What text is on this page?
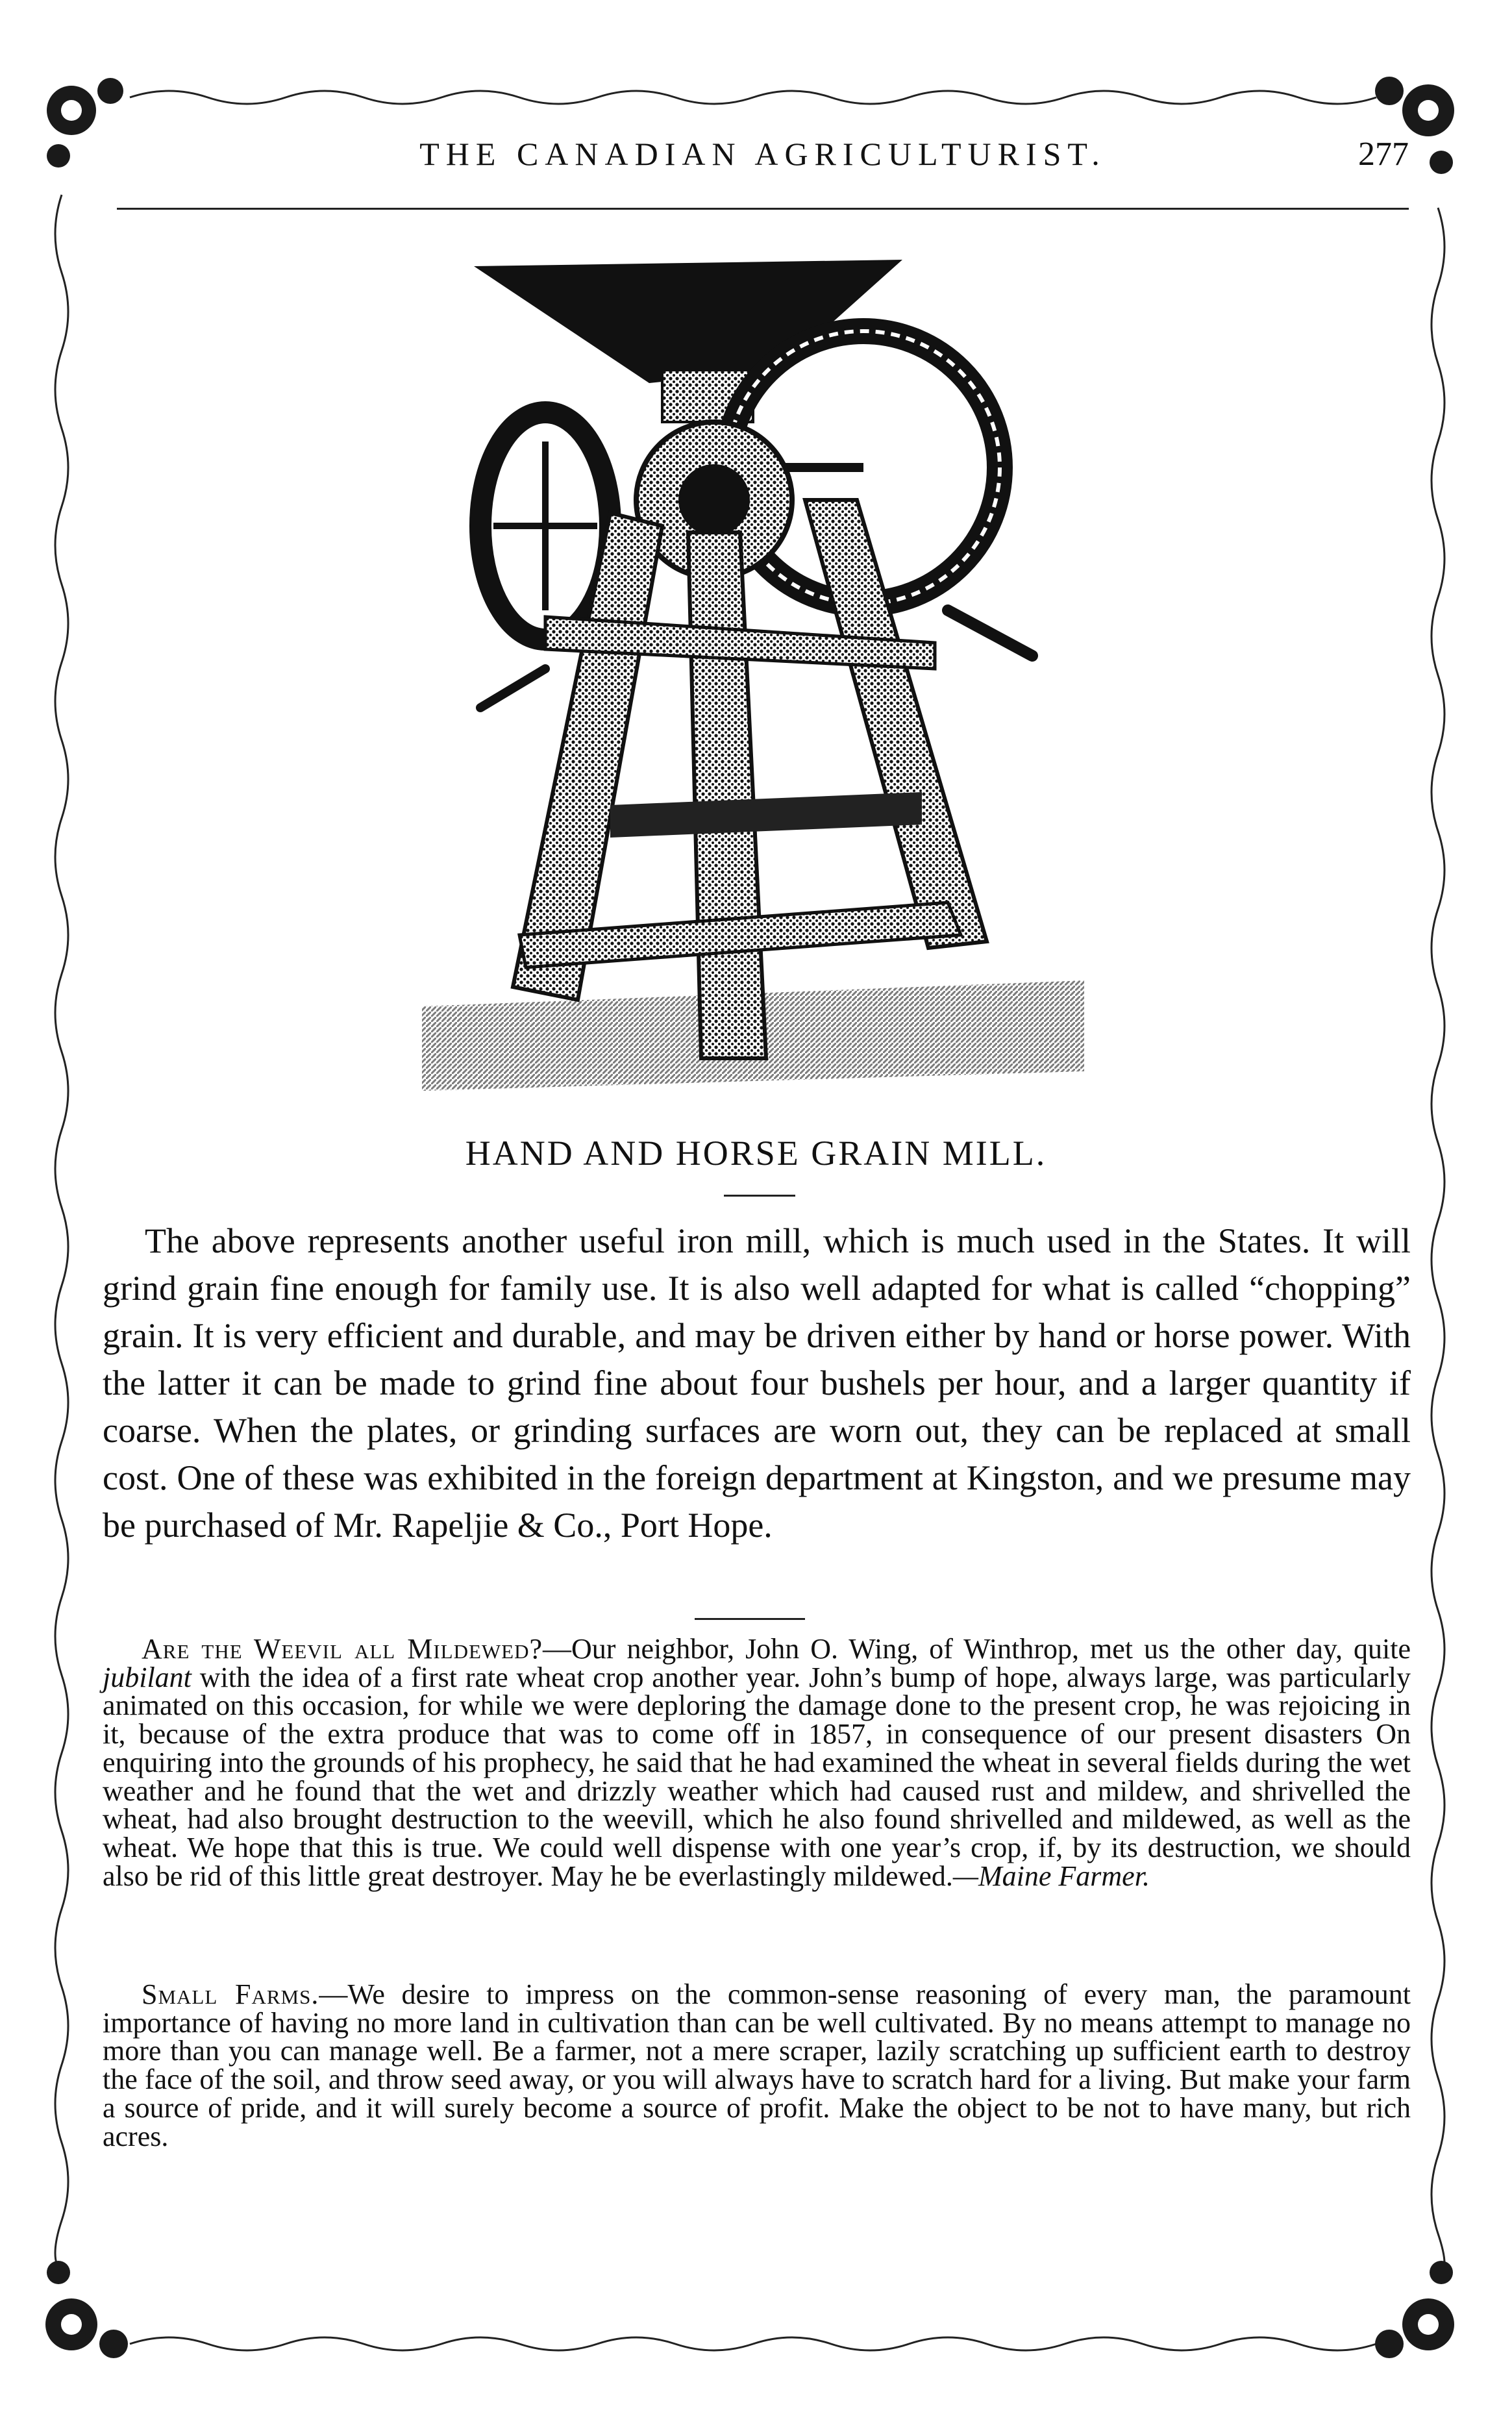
THE CANADIAN AGRICULTURIST.	277
HAND AND HORSE GRAIN MILL.

The above represents another useful iron mill, which is much used in the States. It will grind grain fine enough for family use. It is also well adapted for what is called “chopping” grain. It is very efficient and durable, and may be driven either by hand or horse power. With the latter it can be made to grind fine about four bushels per hour, and a larger quantity if coarse. When the plates, or grinding surfaces are worn out, they can be replaced at small cost. One of these was exhibited in the foreign department at Kingston, and we presume may be purchased of Mr. Rapeljie & Co., Port Hope.

Are the Weevil all Mildewed?—Our neighbor, John O. Wing, of Winthrop, met us the other day, quite jubilant with the idea of a first rate wheat crop another year. John’s bump of hope, always large, was particularly animated on this occasion, for while we were deploring the damage done to the present crop, he was rejoicing in it, because of the extra produce that was to come off in 1857, in consequence of our present disasters On enquiring into the grounds of his prophecy, he said that he had examined the wheat in several fields during the wet weather and he found that the wet and drizzly weather which had caused rust and mildew, and shrivelled the wheat, had also brought destruction to the weevill, which he also found shrivelled and mildewed, as well as the wheat. We hope that this is true. We could well dispense with one year’s crop, if, by its destruction, we should also be rid of this little great destroyer. May he be everlastingly mildewed.—Maine Farmer.

Small Farms.—We desire to impress on the common-sense reasoning of every man, the paramount importance of having no more land in cultivation than can be well cultivated. By no means attempt to manage no more than you can manage well. Be a farmer, not a mere scraper, lazily scratching up sufficient earth to destroy the face of the soil, and throw seed away, or you will always have to scratch hard for a living. But make your farm a source of pride, and it will surely become a source of profit. Make the object to be not to have many, but rich acres.
